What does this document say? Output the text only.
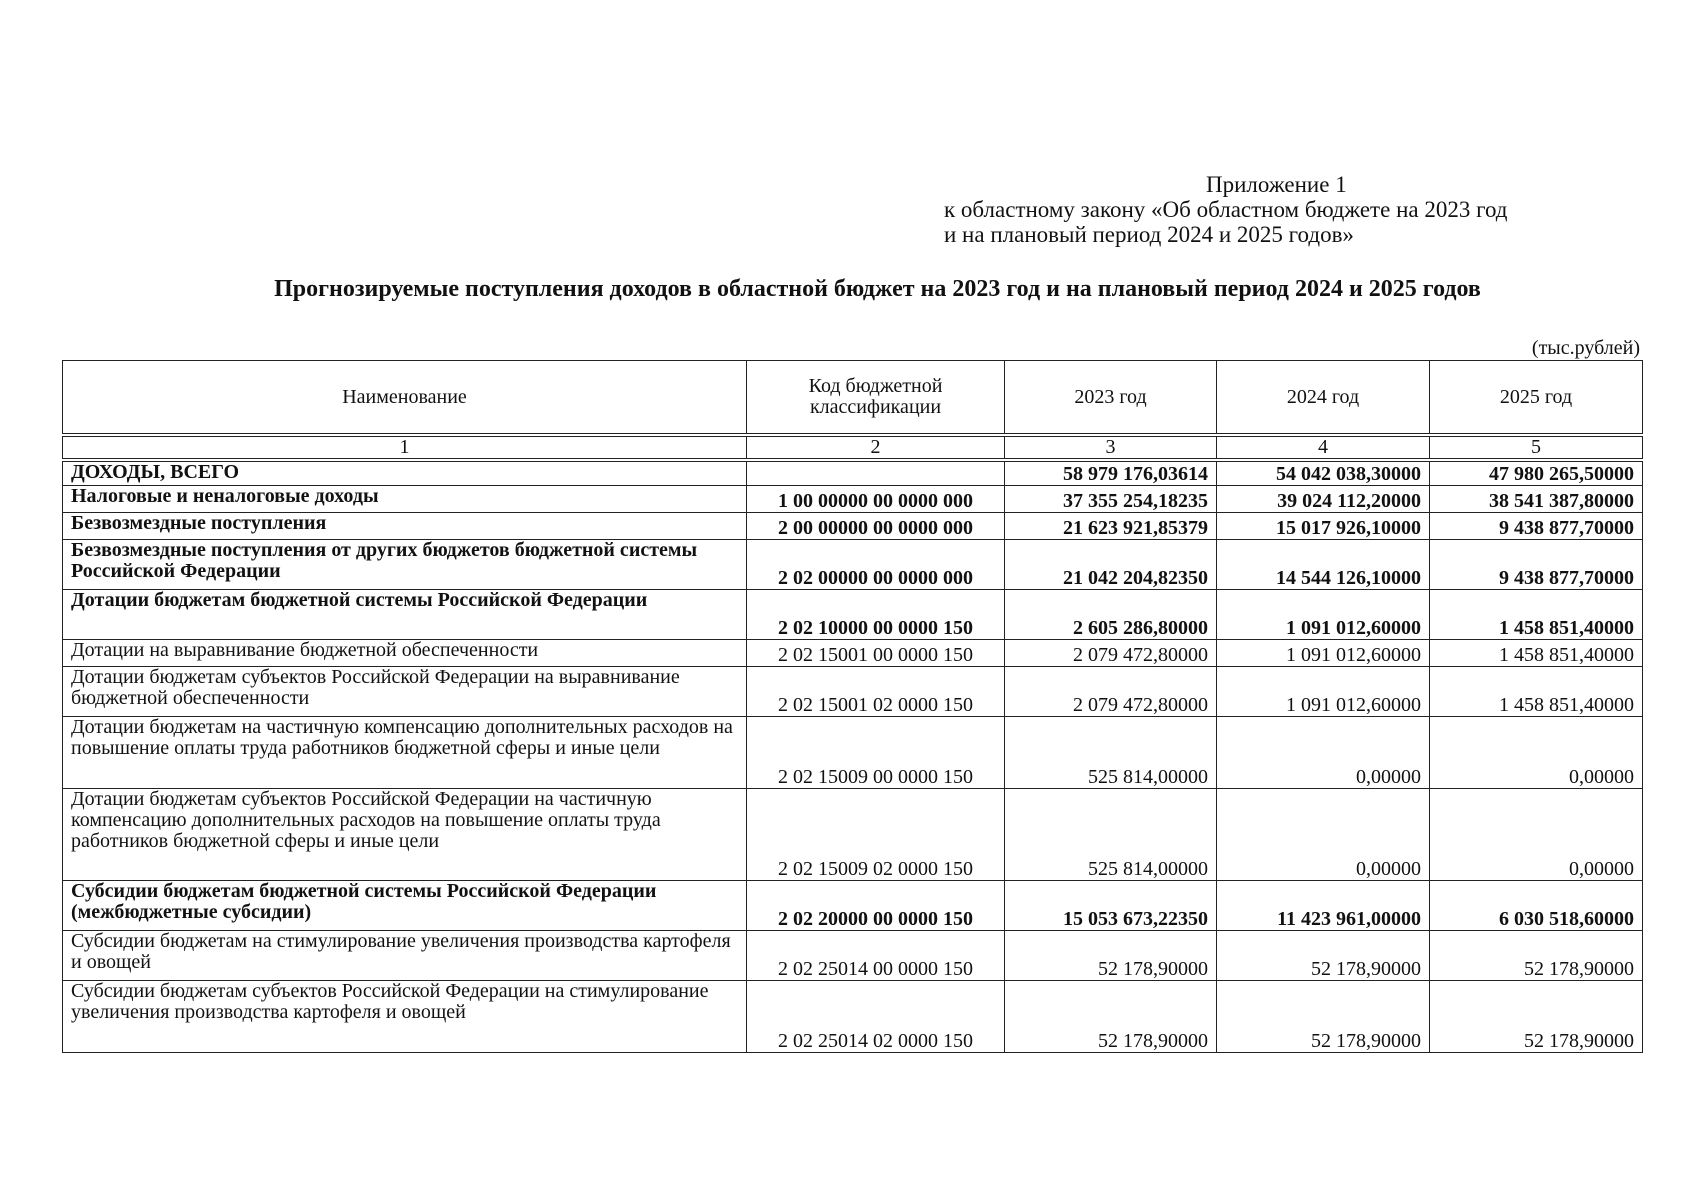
Приложение 1
к областному закону «Об областном бюджете на 2023 год
и на плановый период 2024 и 2025 годов»
Прогнозируемые поступления доходов в областной бюджет на 2023 год и на плановый период 2024 и 2025 годов
(тыс.рублей)
Наименование	Код бюджетной классификации	2023 год	2024 год	2025 год
1	2	3	4	5
ДОХОДЫ, ВСЕГО		58 979 176,03614	54 042 038,30000	47 980 265,50000
Налоговые и неналоговые доходы	1 00 00000 00 0000 000	37 355 254,18235	39 024 112,20000	38 541 387,80000
Безвозмездные поступления	2 00 00000 00 0000 000	21 623 921,85379	15 017 926,10000	9 438 877,70000
Безвозмездные поступления от других бюджетов бюджетной системы Российской Федерации	2 02 00000 00 0000 000	21 042 204,82350	14 544 126,10000	9 438 877,70000
Дотации бюджетам бюджетной системы Российской Федерации	2 02 10000 00 0000 150	2 605 286,80000	1 091 012,60000	1 458 851,40000
Дотации на выравнивание бюджетной обеспеченности	2 02 15001 00 0000 150	2 079 472,80000	1 091 012,60000	1 458 851,40000
Дотации бюджетам субъектов Российской Федерации на выравнивание бюджетной обеспеченности	2 02 15001 02 0000 150	2 079 472,80000	1 091 012,60000	1 458 851,40000
Дотации бюджетам на частичную компенсацию дополнительных расходов на повышение оплаты труда работников бюджетной сферы и иные цели	2 02 15009 00 0000 150	525 814,00000	0,00000	0,00000
Дотации бюджетам субъектов Российской Федерации на частичную компенсацию дополнительных расходов на повышение оплаты труда работников бюджетной сферы и иные цели	2 02 15009 02 0000 150	525 814,00000	0,00000	0,00000
Субсидии бюджетам бюджетной системы Российской Федерации (межбюджетные субсидии)	2 02 20000 00 0000 150	15 053 673,22350	11 423 961,00000	6 030 518,60000
Субсидии бюджетам на стимулирование увеличения производства картофеля и овощей	2 02 25014 00 0000 150	52 178,90000	52 178,90000	52 178,90000
Субсидии бюджетам субъектов Российской Федерации на стимулирование увеличения производства картофеля и овощей	2 02 25014 02 0000 150	52 178,90000	52 178,90000	52 178,90000
